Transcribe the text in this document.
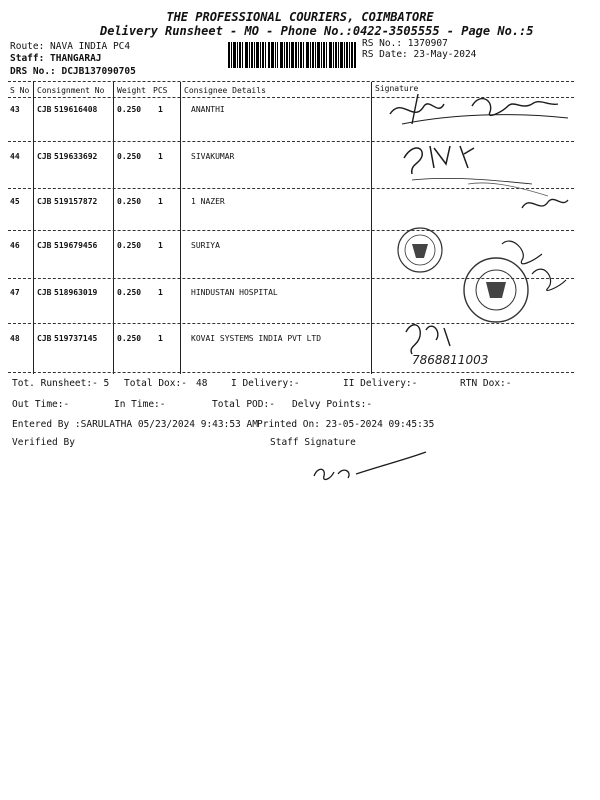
THE PROFESSIONAL COURIERS, COIMBATORE
Delivery Runsheet - MO - Phone No.:0422-3505555 - Page No.:5
Route: NAVA INDIA PC4
Staff: THANGARAJ
DRS No.: DCJB137090705
RS No.: 1370907
RS Date: 23-May-2024
S No Consignment No Weight PCS Consignee Details	Signature
43 CJB 519616408 0.250 1	ANANTHI
44 CJB 519633692 0.250 1	SIVAKUMAR
45 CJB 519157872 0.250 1	1 NAZER
46 CJB 519679456 0.250 1	SURIYA
47 CJB 518963019 0.250 1	HINDUSTAN HOSPITAL
48 CJB 519737145 0.250 1	KOVAI SYSTEMS INDIA PVT LTD
7868811003
Tot. Runsheet:- 5 Total Dox:- 48 I Delivery:-	II Delivery:-	RTN Dox:-
Out Time:-	In Time:-	Total POD:- Delvy Points:-
Entered By :SARULATHA 05/23/2024 9:43:53 AM Printed On: 23-05-2024 09:45:35
Verified By	Staff Signature
